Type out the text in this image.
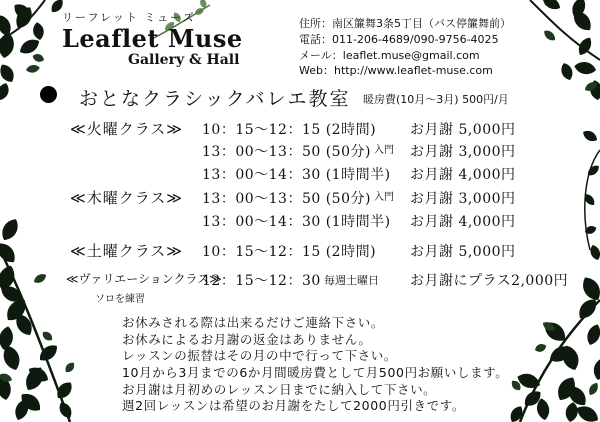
リーフレット ミューズ
Leaflet Muse
Gallery & Hall
住所：南区簾舞3条5丁目（バス停簾舞前）
電話：011-206-4689/090-9756-4025
メール：leaflet.muse@gmail.com
Web：http://www.leaflet-muse.com
おとなクラシックバレエ教室 暖房費(10月～3月) 500円/月
≪火曜クラス≫ 10：15～12：15 (2時間) お月謝 5,000円
13：00～13：50 (50分) 入門 お月謝 3,000円
13：00～14：30 (1時間半) お月謝 4,000円
≪木曜クラス≫ 13：00～13：50 (50分) 入門 お月謝 3,000円
13：00～14：30 (1時間半) お月謝 4,000円
≪土曜クラス≫ 10：15～12：15 (2時間) お月謝 5,000円
≪ヴァリエーションクラス≫
12：15～12：30 毎週土曜日 お月謝にプラス2,000円
ソロを練習
お休みされる際は出来るだけご連絡下さい。
お休みによるお月謝の返金はありません。
レッスンの振替はその月の中で行って下さい。
10月から3月までの6か月間暖房費として月500円お願いします。
お月謝は月初めのレッスン日までに納入して下さい。
週2回レッスンは希望のお月謝をたして2000円引きです。
